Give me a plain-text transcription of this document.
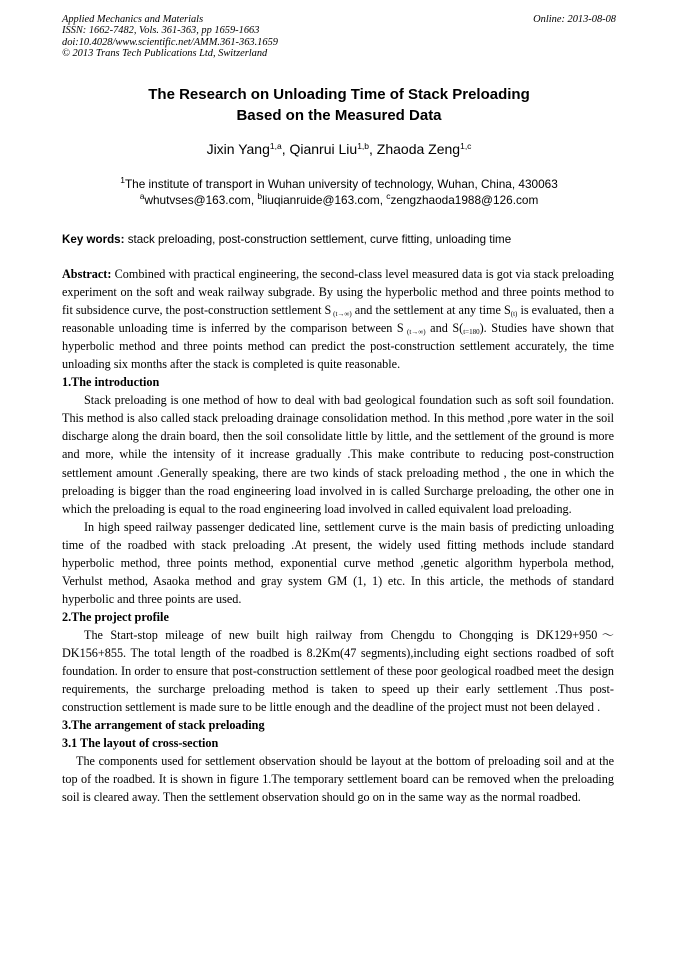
Applied Mechanics and Materials
ISSN: 1662-7482, Vols. 361-363, pp 1659-1663
doi:10.4028/www.scientific.net/AMM.361-363.1659
© 2013 Trans Tech Publications Ltd, Switzerland
Online: 2013-08-08
The Research on Unloading Time of Stack Preloading
Based on the Measured Data
Jixin Yang$^{1,a}$, Qianrui Liu$^{1,b}$, Zhaoda Zeng$^{1,c}$
$^1$The institute of transport in Wuhan university of technology, Wuhan, China, 430063
$^a$whutvses@163.com, $^b$liuqianruide@163.com, $^c$zengzhaoda1988@126.com
Key words: stack preloading, post-construction settlement, curve fitting, unloading time

Abstract: Combined with practical engineering, the second-class level measured data is got via stack preloading experiment on the soft and weak railway subgrade. By using the hyperbolic method and three points method to fit subsidence curve, the post-construction settlement S $_{(t\to\infty)}$ and the settlement at any time $S_{(t)}$ is evaluated, then a reasonable unloading time is inferred by the comparison between S $_{(t\to\infty)}$ and $S(_{t=180})$. Studies have shown that hyperbolic method and three points method can predict the post-construction settlement accurately, the time unloading six months after the stack is completed is quite reasonable.

1.The introduction

Stack preloading is one method of how to deal with bad geological foundation such as soft soil foundation. This method is also called stack preloading drainage consolidation method. In this method ,pore water in the soil discharge along the drain board, then the soil consolidate little by little, and the settlement of the ground is more and more, while the intensity of it increase gradually .This make contribute to reducing post-construction settlement amount .Generally speaking, there are two kinds of stack preloading method , the one in which the preloading is bigger than the road engineering load involved in is called Surcharge preloading, the other one in which the preloading is equal to the road engineering load involved in called equivalent load preloading.

In high speed railway passenger dedicated line, settlement curve is the main basis of predicting unloading time of the roadbed with stack preloading .At present, the widely used fitting methods include standard hyperbolic method, three points method, exponential curve method ,genetic algorithm hyperbola method, Verhulst method, Asaoka method and gray system GM (1, 1) etc. In this article, the methods of standard hyperbolic and three points are used.

2.The project profile

The Start-stop mileage of new built high railway from Chengdu to Chongqing is DK129+950～DK156+855. The total length of the roadbed is 8.2Km(47 segments),including eight sections roadbed of soft foundation. In order to ensure that post-construction settlement of these poor geological roadbed meet the design requirements, the surcharge preloading method is taken to speed up their early settlement .Thus post-construction settlement is made sure to be little enough and the deadline of the project must not been delayed .

3.The arrangement of stack preloading
3.1 The layout of cross-section

The components used for settlement observation should be layout at the bottom of preloading soil and at the top of the roadbed. It is shown in figure 1.The temporary settlement board can be removed when the preloading soil is cleared away. Then the settlement observation should go on in the same way as the normal roadbed.
